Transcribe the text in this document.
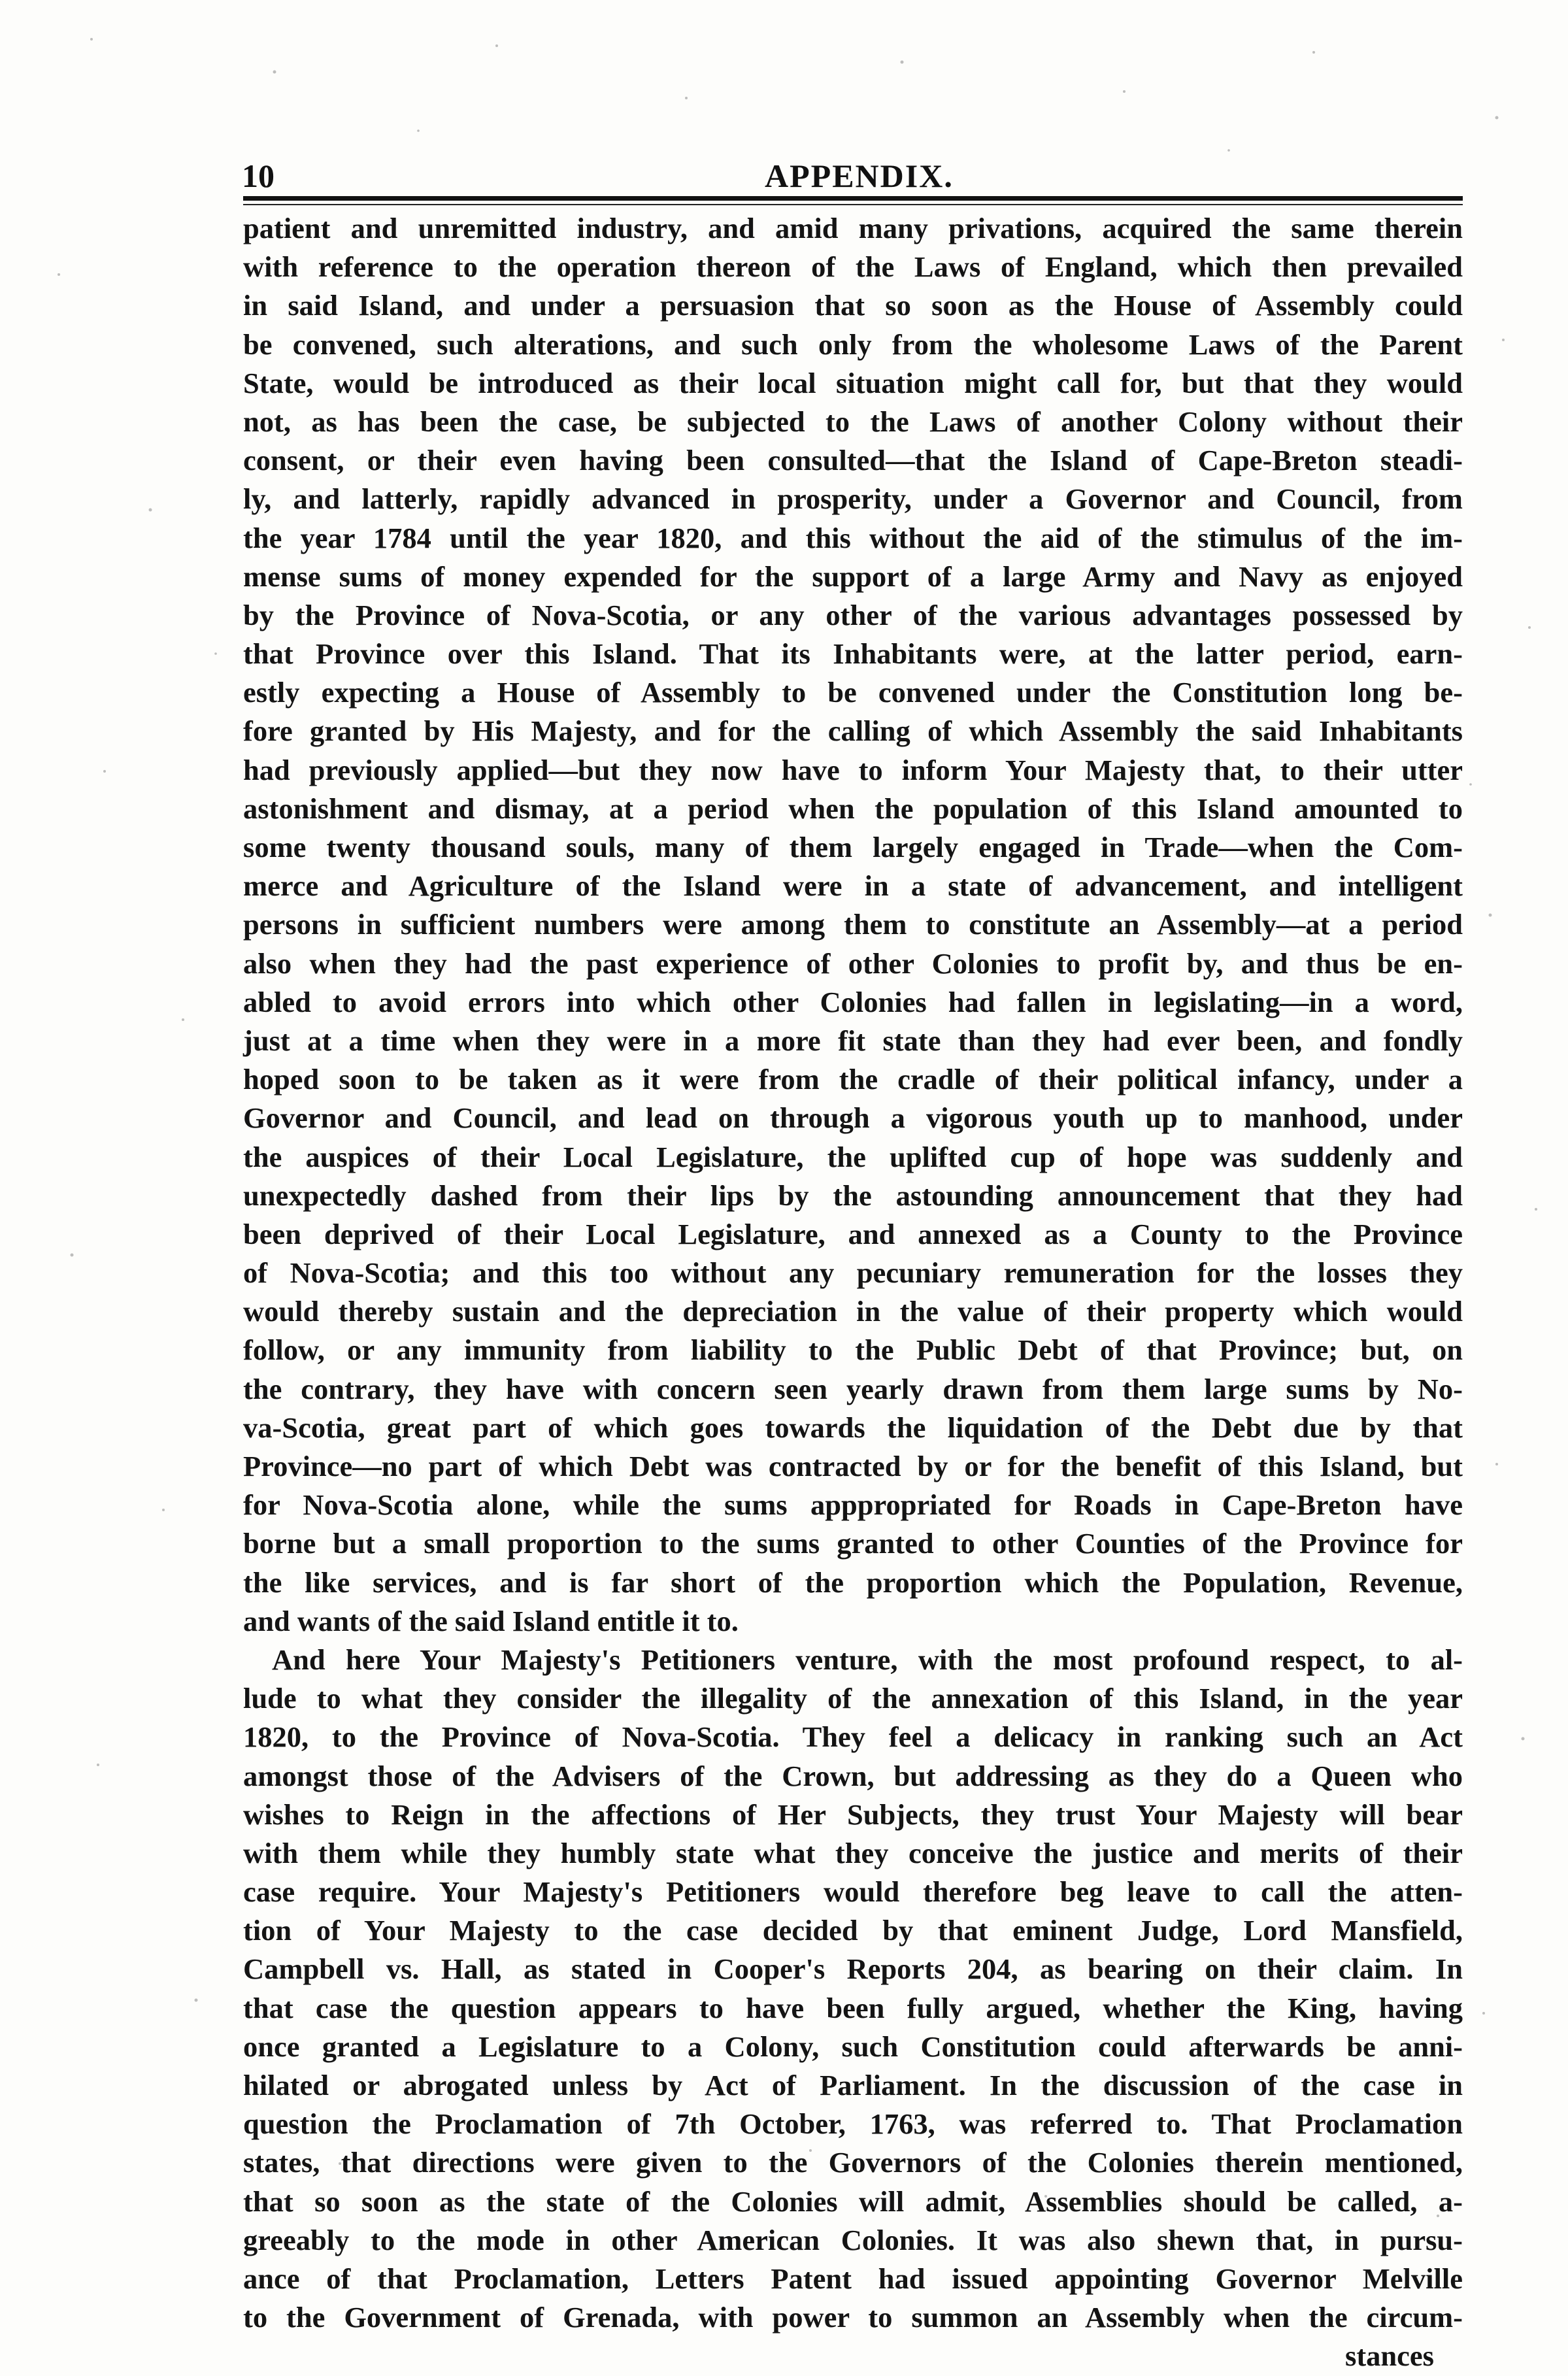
10	APPENDIX.
patient and unremitted industry, and amid many privations, acquired the same therein
with reference to the operation thereon of the Laws of England, which then prevailed
in said Island, and under a persuasion that so soon as the House of Assembly could
be convened, such alterations, and such only from the wholesome Laws of the Parent
State, would be introduced as their local situation might call for, but that they would
not, as has been the case, be subjected to the Laws of another Colony without their
consent, or their even having been consulted—that the Island of Cape-Breton steadi-
ly, and latterly, rapidly advanced in prosperity, under a Governor and Council, from
the year 1784 until the year 1820, and this without the aid of the stimulus of the im-
mense sums of money expended for the support of a large Army and Navy as enjoyed
by the Province of Nova-Scotia, or any other of the various advantages possessed by
that Province over this Island. That its Inhabitants were, at the latter period, earn-
estly expecting a House of Assembly to be convened under the Constitution long be-
fore granted by His Majesty, and for the calling of which Assembly the said Inhabitants
had previously applied—but they now have to inform Your Majesty that, to their utter
astonishment and dismay, at a period when the population of this Island amounted to
some twenty thousand souls, many of them largely engaged in Trade—when the Com-
merce and Agriculture of the Island were in a state of advancement, and intelligent
persons in sufficient numbers were among them to constitute an Assembly—at a period
also when they had the past experience of other Colonies to profit by, and thus be en-
abled to avoid errors into which other Colonies had fallen in legislating—in a word,
just at a time when they were in a more fit state than they had ever been, and fondly
hoped soon to be taken as it were from the cradle of their political infancy, under a
Governor and Council, and lead on through a vigorous youth up to manhood, under
the auspices of their Local Legislature, the uplifted cup of hope was suddenly and
unexpectedly dashed from their lips by the astounding announcement that they had
been deprived of their Local Legislature, and annexed as a County to the Province
of Nova-Scotia; and this too without any pecuniary remuneration for the losses they
would thereby sustain and the depreciation in the value of their property which would
follow, or any immunity from liability to the Public Debt of that Province; but, on
the contrary, they have with concern seen yearly drawn from them large sums by No-
va-Scotia, great part of which goes towards the liquidation of the Debt due by that
Province—no part of which Debt was contracted by or for the benefit of this Island, but
for Nova-Scotia alone, while the sums apppropriated for Roads in Cape-Breton have
borne but a small proportion to the sums granted to other Counties of the Province for
the like services, and is far short of the proportion which the Population, Revenue,
and wants of the said Island entitle it to.
And here Your Majesty's Petitioners venture, with the most profound respect, to al-
lude to what they consider the illegality of the annexation of this Island, in the year
1820, to the Province of Nova-Scotia. They feel a delicacy in ranking such an Act
amongst those of the Advisers of the Crown, but addressing as they do a Queen who
wishes to Reign in the affections of Her Subjects, they trust Your Majesty will bear
with them while they humbly state what they conceive the justice and merits of their
case require. Your Majesty's Petitioners would therefore beg leave to call the atten-
tion of Your Majesty to the case decided by that eminent Judge, Lord Mansfield,
Campbell vs. Hall, as stated in Cooper's Reports 204, as bearing on their claim. In
that case the question appears to have been fully argued, whether the King, having
once granted a Legislature to a Colony, such Constitution could afterwards be anni-
hilated or abrogated unless by Act of Parliament. In the discussion of the case in
question the Proclamation of 7th October, 1763, was referred to. That Proclamation
states, that directions were given to the Governors of the Colonies therein mentioned,
that so soon as the state of the Colonies will admit, Assemblies should be called, a-
greeably to the mode in other American Colonies. It was also shewn that, in pursu-
ance of that Proclamation, Letters Patent had issued appointing Governor Melville
to the Government of Grenada, with power to summon an Assembly when the circum-
stances
